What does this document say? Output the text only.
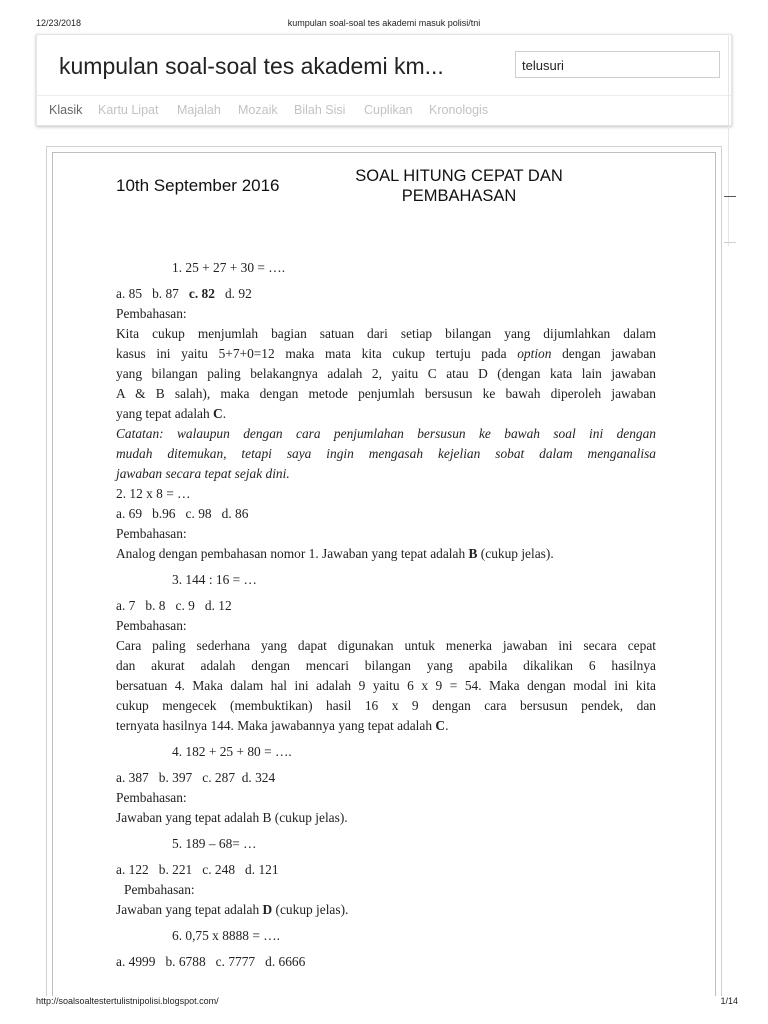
12/23/2018	kumpulan soal-soal tes akademi masuk polisi/tni
kumpulan soal-soal tes akademi km...	telusuri
Klasik Kartu Lipat Majalah Mozaik Bilah Sisi Cuplikan Kronologis
10th September 2016	SOAL HITUNG CEPAT DAN PEMBAHASAN

1. 25 + 27 + 30 = ….

a. 85   b. 87   c. 82   d. 92

Pembahasan:

Kita cukup menjumlah bagian satuan dari setiap bilangan yang dijumlahkan dalam

kasus ini yaitu 5+7+0=12 maka mata kita cukup tertuju pada option dengan jawaban

yang bilangan paling belakangnya adalah 2, yaitu C atau D (dengan kata lain jawaban

A & B salah), maka dengan metode penjumlah bersusun ke bawah diperoleh jawaban

yang tepat adalah C.

Catatan: walaupun dengan cara penjumlahan bersusun ke bawah soal ini dengan

mudah ditemukan, tetapi saya ingin mengasah kejelian sobat dalam menganalisa

jawaban secara tepat sejak dini.

2. 12 x 8 = …

a. 69   b.96   c. 98   d. 86

Pembahasan:

Analog dengan pembahasan nomor 1. Jawaban yang tepat adalah B (cukup jelas).

3. 144 : 16 = …

a. 7   b. 8   c. 9   d. 12

Pembahasan:

Cara paling sederhana yang dapat digunakan untuk menerka jawaban ini secara cepat

dan akurat adalah dengan mencari bilangan yang apabila dikalikan 6 hasilnya

bersatuan 4. Maka dalam hal ini adalah 9 yaitu 6 x 9 = 54. Maka dengan modal ini kita

cukup mengecek (membuktikan) hasil 16 x 9 dengan cara bersusun pendek, dan

ternyata hasilnya 144. Maka jawabannya yang tepat adalah C.

4. 182 + 25 + 80 = ….

a. 387   b. 397   c. 287  d. 324

Pembahasan:

Jawaban yang tepat adalah B (cukup jelas).

5. 189 – 68= …

a. 122   b. 221   c. 248   d. 121

Pembahasan:

Jawaban yang tepat adalah D (cukup jelas).

6. 0,75 x 8888 = ….

a. 4999   b. 6788   c. 7777   d. 6666

http://soalsoaltestertulistnipolisi.blogspot.com/	1/14
